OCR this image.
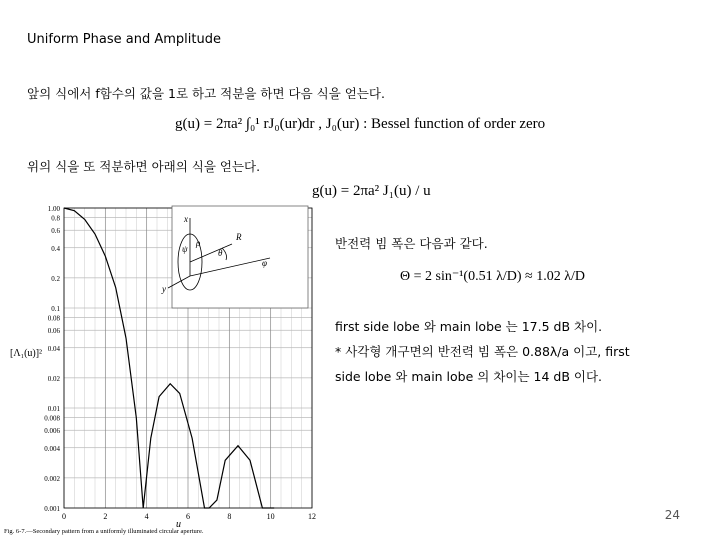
Uniform Phase and Amplitude
앞의 식에서 f함수의 값을 1로 하고 적분을 하면 다음 식을 얻는다.
g(u) = 2πa² ∫₀¹ rJ₀(ur)dr , J₀(ur) : Bessel function of order zero
위의 식을 또 적분하면 아래의 식을 얻는다.
g(u) = 2πa² J₁(u) / u
반전력 빔 폭은 다음과 같다.
Θ = 2 sin⁻¹(0.51 λ/D) ≈ 1.02 λ/D
first side lobe 와 main lobe 는 17.5 dB 차이.
* 사각형 개구면의 반전력 빔 폭은 0.88λ/a 이고, first
side lobe 와 main lobe 의 차이는 14 dB 이다.
24
1.00
0.8
0.6
0.4
0.2
0.1
0.08
0.06
0.04
0.02
0.01
0.008
0.006
0.004
0.002
0.001
0	2	4	6	8	10	12
[Λ₁(u)]²
u
x
R
θ
φ
y
ρ
ψ
Fig. 6-7.—Secondary pattern from a uniformly illuminated circular aperture.
